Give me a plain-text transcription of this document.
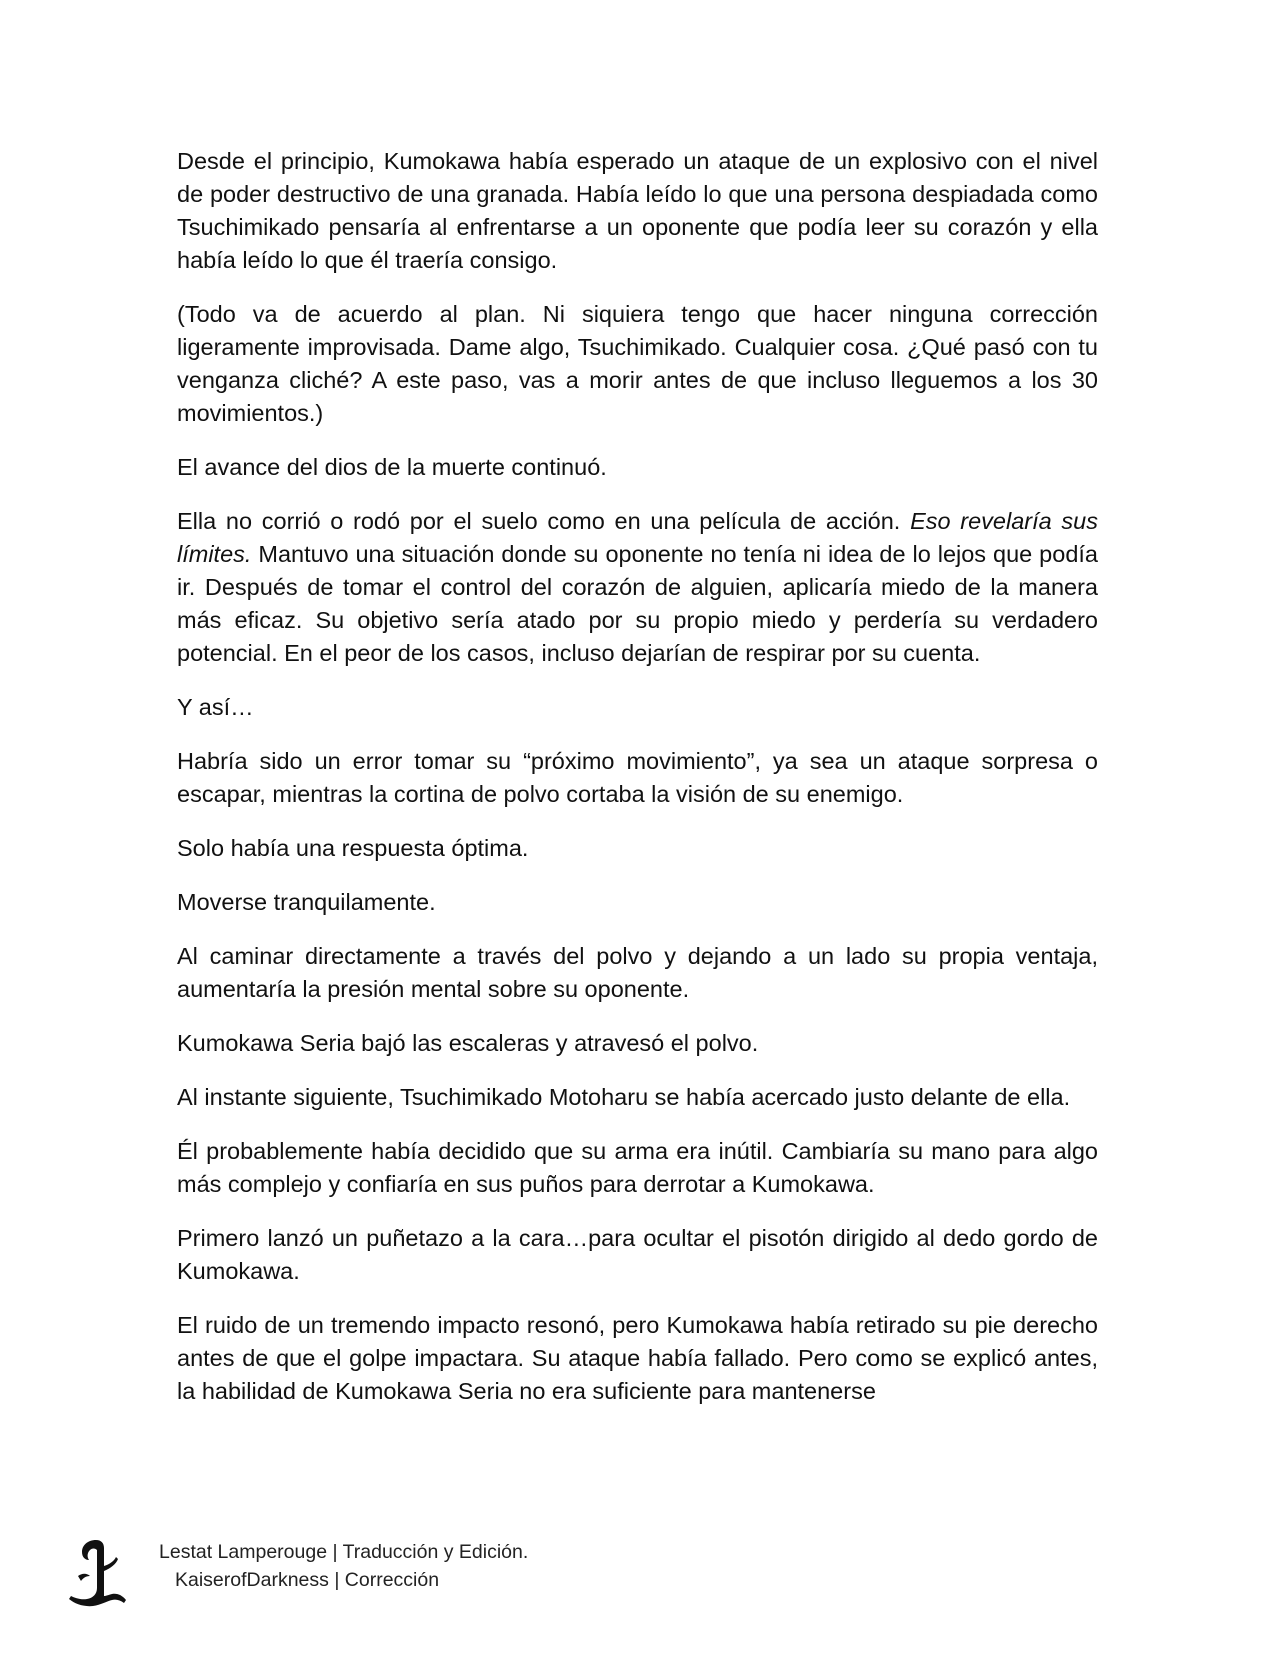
Desde el principio, Kumokawa había esperado un ataque de un explosivo con el nivel de poder destructivo de una granada. Había leído lo que una persona despiadada como Tsuchimikado pensaría al enfrentarse a un oponente que podía leer su corazón y ella había leído lo que él traería consigo.

(Todo va de acuerdo al plan. Ni siquiera tengo que hacer ninguna corrección ligeramente improvisada. Dame algo, Tsuchimikado. Cualquier cosa. ¿Qué pasó con tu venganza cliché? A este paso, vas a morir antes de que incluso lleguemos a los 30 movimientos.)

El avance del dios de la muerte continuó.

Ella no corrió o rodó por el suelo como en una película de acción. Eso revelaría sus límites. Mantuvo una situación donde su oponente no tenía ni idea de lo lejos que podía ir. Después de tomar el control del corazón de alguien, aplicaría miedo de la manera más eficaz. Su objetivo sería atado por su propio miedo y perdería su verdadero potencial. En el peor de los casos, incluso dejarían de respirar por su cuenta.

Y así…

Habría sido un error tomar su “próximo movimiento”, ya sea un ataque sorpresa o escapar, mientras la cortina de polvo cortaba la visión de su enemigo.

Solo había una respuesta óptima.

Moverse tranquilamente.

Al caminar directamente a través del polvo y dejando a un lado su propia ventaja, aumentaría la presión mental sobre su oponente.

Kumokawa Seria bajó las escaleras y atravesó el polvo.

Al instante siguiente, Tsuchimikado Motoharu se había acercado justo delante de ella.

Él probablemente había decidido que su arma era inútil. Cambiaría su mano para algo más complejo y confiaría en sus puños para derrotar a Kumokawa.

Primero lanzó un puñetazo a la cara…para ocultar el pisotón dirigido al dedo gordo de Kumokawa.

El ruido de un tremendo impacto resonó, pero Kumokawa había retirado su pie derecho antes de que el golpe impactara. Su ataque había fallado. Pero como se explicó antes, la habilidad de Kumokawa Seria no era suficiente para mantenerse

Lestat Lamperouge | Traducción y Edición.
KaiserofDarkness | Corrección
